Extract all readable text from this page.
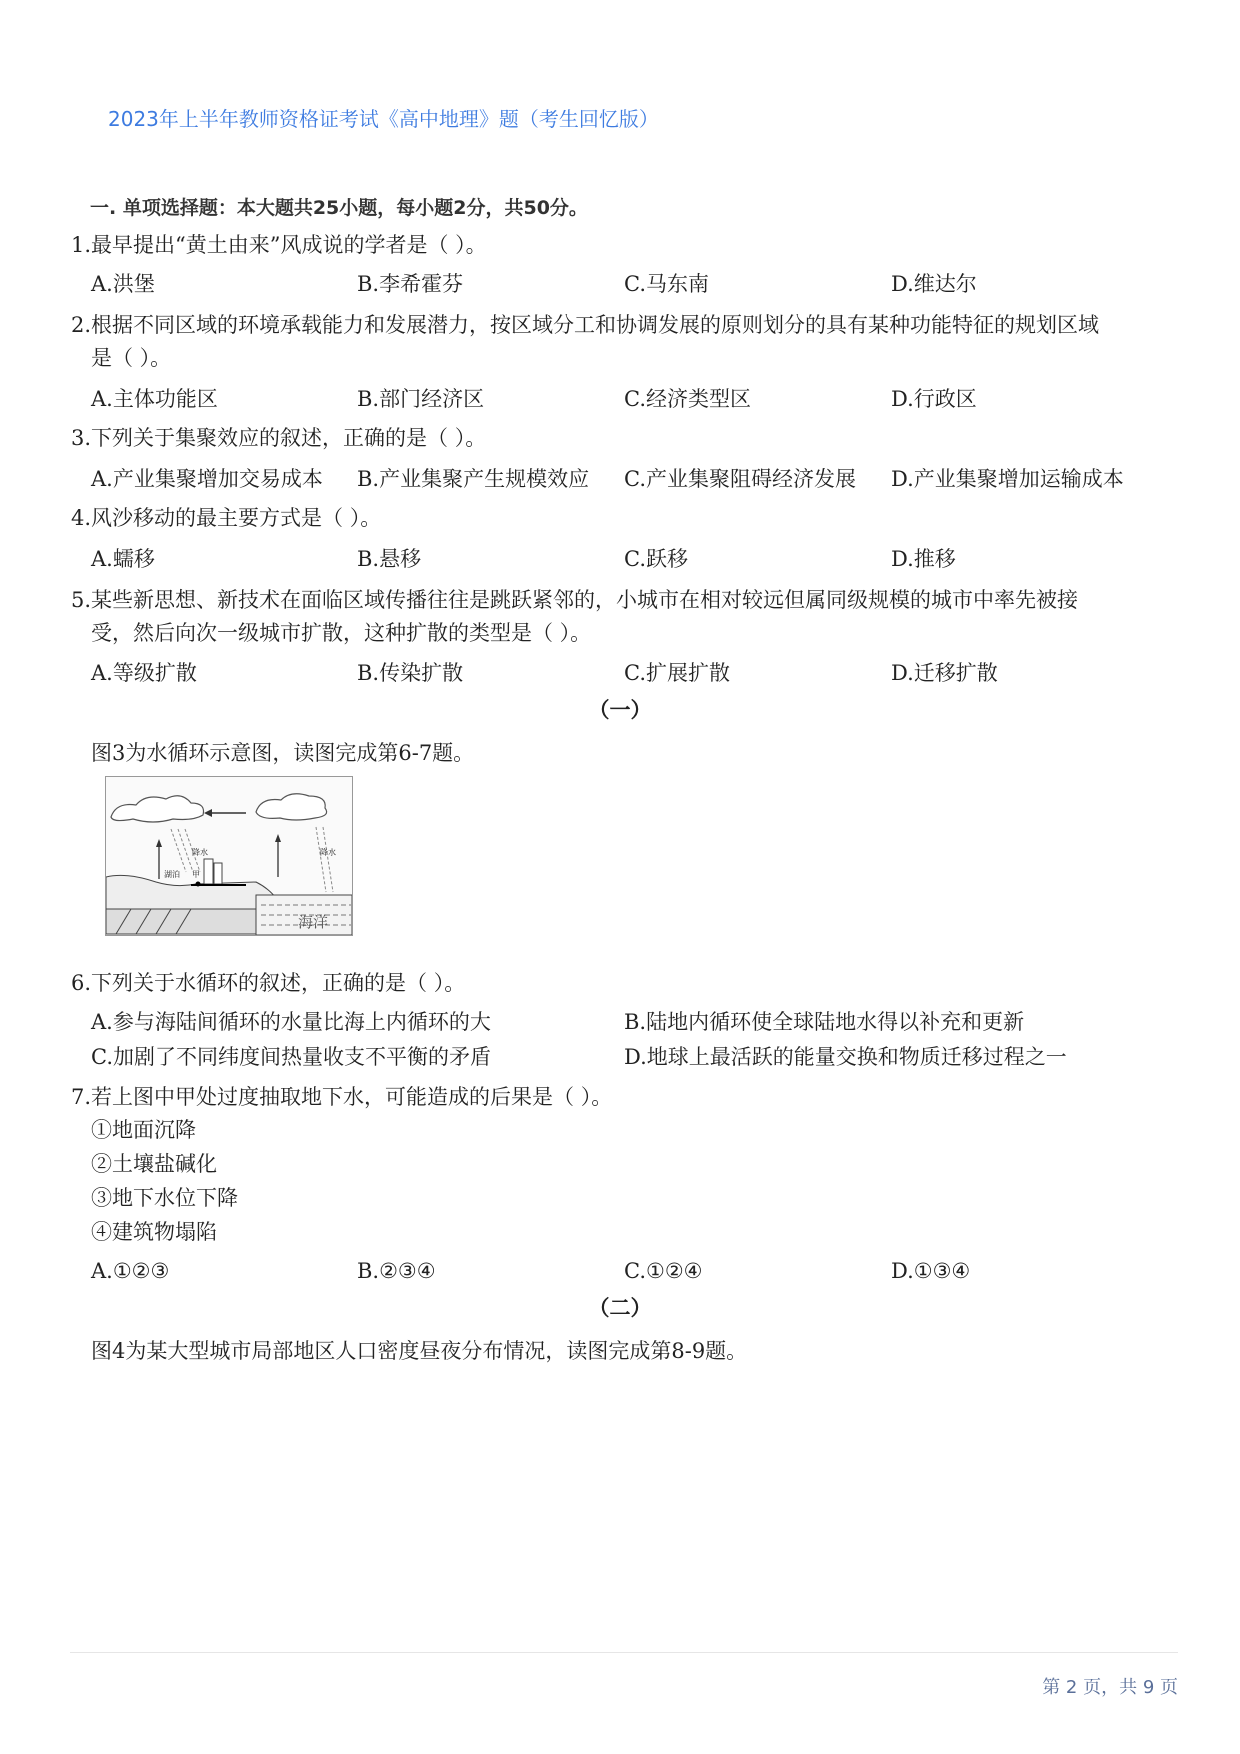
2023年上半年教师资格证考试《高中地理》题（考生回忆版）
一. 单项选择题：本大题共25小题，每小题2分，共50分。
1.最早提出“黄土由来”风成说的学者是（ ）。
A.洪堡	B.李希霍芬	C.马东南	D.维达尔
2.根据不同区域的环境承载能力和发展潜力，按区域分工和协调发展的原则划分的具有某种功能特征的规划区域
是（ ）。
A.主体功能区	B.部门经济区	C.经济类型区	D.行政区
3.下列关于集聚效应的叙述，正确的是（ ）。
A.产业集聚增加交易成本 B.产业集聚产生规模效应 C.产业集聚阻碍经济发展 D.产业集聚增加运输成本
4.风沙移动的最主要方式是（ ）。
A.蠕移	B.悬移	C.跃移	D.推移
5.某些新思想、新技术在面临区域传播往往是跳跃紧邻的，小城市在相对较远但属同级规模的城市中率先被接
受，然后向次一级城市扩散，这种扩散的类型是（ ）。
A.等级扩散	B.传染扩散	C.扩展扩散	D.迁移扩散
（一）
图3为水循环示意图，读图完成第6-7题。
降水	降水
湖泊 甲
海洋
6.下列关于水循环的叙述，正确的是（ ）。
A.参与海陆间循环的水量比海上内循环的大	B.陆地内循环使全球陆地水得以补充和更新
C.加剧了不同纬度间热量收支不平衡的矛盾	D.地球上最活跃的能量交换和物质迁移过程之一
7.若上图中甲处过度抽取地下水，可能造成的后果是（ ）。
①地面沉降
②土壤盐碱化
③地下水位下降
④建筑物塌陷
A.①②③	B.②③④	C.①②④	D.①③④
（二）
图4为某大型城市局部地区人口密度昼夜分布情况，读图完成第8-9题。
第 2 页，共 9 页
